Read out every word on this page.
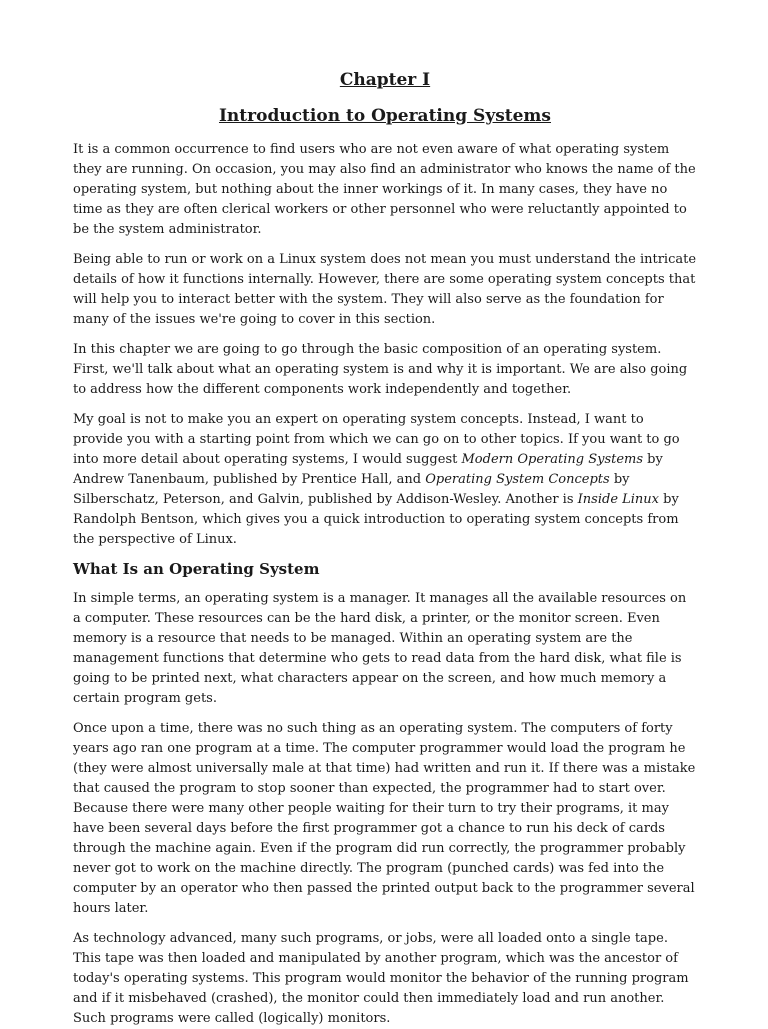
Chapter I
Introduction to Operating Systems

It is a common occurrence to find users who are not even aware of what operating system they are running. On occasion, you may also find an administrator who knows the name of the operating system, but nothing about the inner workings of it. In many cases, they have no time as they are often clerical workers or other personnel who were reluctantly appointed to be the system administrator.

Being able to run or work on a Linux system does not mean you must understand the intricate details of how it functions internally. However, there are some operating system concepts that will help you to interact better with the system. They will also serve as the foundation for many of the issues we're going to cover in this section.

In this chapter we are going to go through the basic composition of an operating system. First, we'll talk about what an operating system is and why it is important. We are also going to address how the different components work independently and together.

My goal is not to make you an expert on operating system concepts. Instead, I want to provide you with a starting point from which we can go on to other topics. If you want to go into more detail about operating systems, I would suggest Modern Operating Systems by Andrew Tanenbaum, published by Prentice Hall, and Operating System Concepts by Silberschatz, Peterson, and Galvin, published by Addison-Wesley. Another is Inside Linux by Randolph Bentson, which gives you a quick introduction to operating system concepts from the perspective of Linux.

What Is an Operating System

In simple terms, an operating system is a manager. It manages all the available resources on a computer. These resources can be the hard disk, a printer, or the monitor screen. Even memory is a resource that needs to be managed. Within an operating system are the management functions that determine who gets to read data from the hard disk, what file is going to be printed next, what characters appear on the screen, and how much memory a certain program gets.

Once upon a time, there was no such thing as an operating system. The computers of forty years ago ran one program at a time. The computer programmer would load the program he (they were almost universally male at that time) had written and run it. If there was a mistake that caused the program to stop sooner than expected, the programmer had to start over. Because there were many other people waiting for their turn to try their programs, it may have been several days before the first programmer got a chance to run his deck of cards through the machine again. Even if the program did run correctly, the programmer probably never got to work on the machine directly. The program (punched cards) was fed into the computer by an operator who then passed the printed output back to the programmer several hours later.

As technology advanced, many such programs, or jobs, were all loaded onto a single tape. This tape was then loaded and manipulated by another program, which was the ancestor of today's operating systems. This program would monitor the behavior of the running program and if it misbehaved (crashed), the monitor could then immediately load and run another. Such programs were called (logically) monitors.
